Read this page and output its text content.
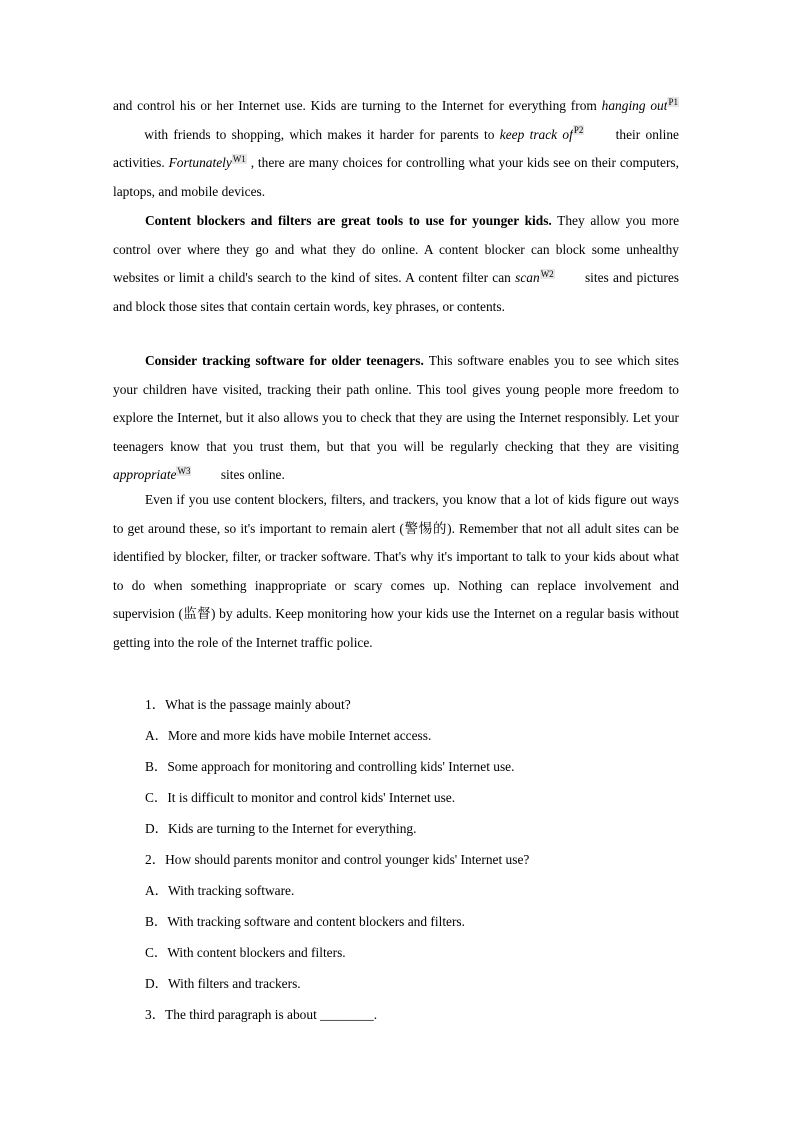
and control his or her Internet use. Kids are turning to the Internet for everything from hanging out$^{P1}$ with friends to shopping, which makes it harder for parents to keep track $of^{P2}$ their online activities. Fortunately$^{W1}$ , there are many choices for controlling what your kids see on their computers, laptops, and mobile devices.

Content blockers and filters are great tools to use for younger kids. They allow you more control over where they go and what they do online. A content blocker can block some unhealthy websites or limit a child's search to the kind of sites. A content filter can scan$^{W2}$ sites and pictures and block those sites that contain certain words, key phrases, or contents.

Consider tracking software for older teenagers. This software enables you to see which sites your children have visited, tracking their path online. This tool gives young people more freedom to explore the Internet, but it also allows you to check that they are using the Internet responsibly. Let your teenagers know that you trust them, but that you will be regularly checking that they are visiting appropriate$^{W3}$ sites online.

Even if you use content blockers, filters, and trackers, you know that a lot of kids figure out ways to get around these, so it's important to remain alert (警惕的). Remember that not all adult sites can be identified by blocker, filter, or tracker software. That's why it's important to talk to your kids about what to do when something inappropriate or scary comes up. Nothing can replace involvement and supervision (监督) by adults. Keep monitoring how your kids use the Internet on a regular basis without getting into the role of the Internet traffic police.

1．What is the passage mainly about?

A．More and more kids have mobile Internet access.

B．Some approach for monitoring and controlling kids' Internet use.

C．It is difficult to monitor and control kids' Internet use.

D．Kids are turning to the Internet for everything.

2．How should parents monitor and control younger kids' Internet use?

A．With tracking software.

B．With tracking software and content blockers and filters.

C．With content blockers and filters.

D．With filters and trackers.

3．The third paragraph is about ________.
